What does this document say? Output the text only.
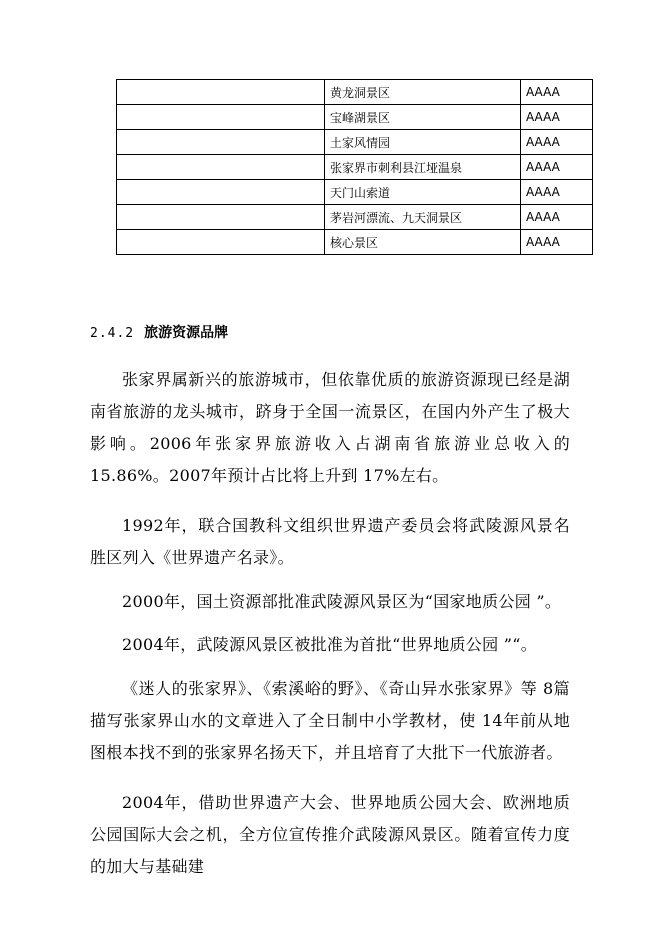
	黄龙洞景区	AAAA
	宝峰湖景区	AAAA
	土家风情园	AAAA
	张家界市刺利县江垭温泉	AAAA
	天门山索道	AAAA
	茅岩河漂流、九天洞景区	AAAA
	核心景区	AAAA
2.4.2 旅游资源品牌

张家界属新兴的旅游城市，但依靠优质的旅游资源现已经是湖南省旅游的龙头城市，跻身于全国一流景区，在国内外产生了极大影响。2006年张家界旅游收入占湖南省旅游业总收入的 15.86%。2007年预计占比将上升到 17%左右。

1992年，联合国教科文组织世界遗产委员会将武陵源风景名胜区列入《世界遗产名录》。

2000年，国土资源部批准武陵源风景区为“国家地质公园 ”。

2004年，武陵源风景区被批准为首批“世界地质公园 ”“。

《迷人的张家界》、《索溪峪的野》、《奇山异水张家界》等 8篇描写张家界山水的文章进入了全日制中小学教材，使 14年前从地图根本找不到的张家界名扬天下，并且培育了大批下一代旅游者。

2004年，借助世界遗产大会、世界地质公园大会、欧洲地质公园国际大会之机，全方位宣传推介武陵源风景区。随着宣传力度的加大与基础建
